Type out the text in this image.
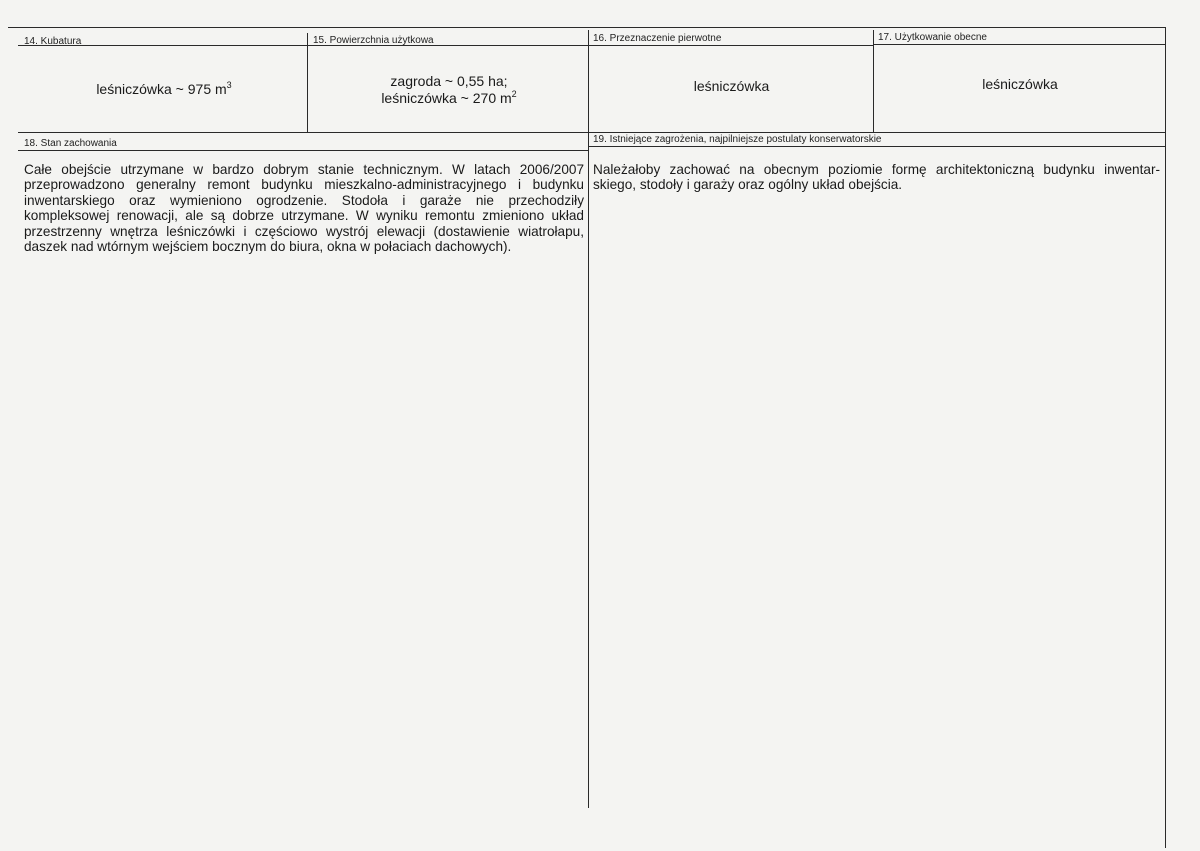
14. Kubatura
leśniczówka ~ 975 $m^3$
15. Powierzchnia użytkowa
zagroda ~ 0,55 ha;
leśniczówka ~ 270 $m^2$
16. Przeznaczenie pierwotne
leśniczówka
17. Użytkowanie obecne
leśniczówka
18. Stan zachowania
Całe obejście utrzymane w bardzo dobrym stanie technicznym. W latach 2006/2007
przeprowadzono generalny remont budynku mieszkalno-administracyjnego i budynku
inwentarskiego oraz wymieniono ogrodzenie. Stodoła i garaże nie przechodziły
kompleksowej renowacji, ale są dobrze utrzymane. W wyniku remontu zmieniono układ
przestrzenny wnętrza leśniczówki i częściowo wystrój elewacji (dostawienie wiatrołapu,
daszek nad wtórnym wejściem bocznym do biura, okna w połaciach dachowych).
19. Istniejące zagrożenia, najpilniejsze postulaty konserwatorskie
Należałoby zachować na obecnym poziomie formę architektoniczną budynku inwentar-
skiego, stodoły i garaży oraz ogólny układ obejścia.
